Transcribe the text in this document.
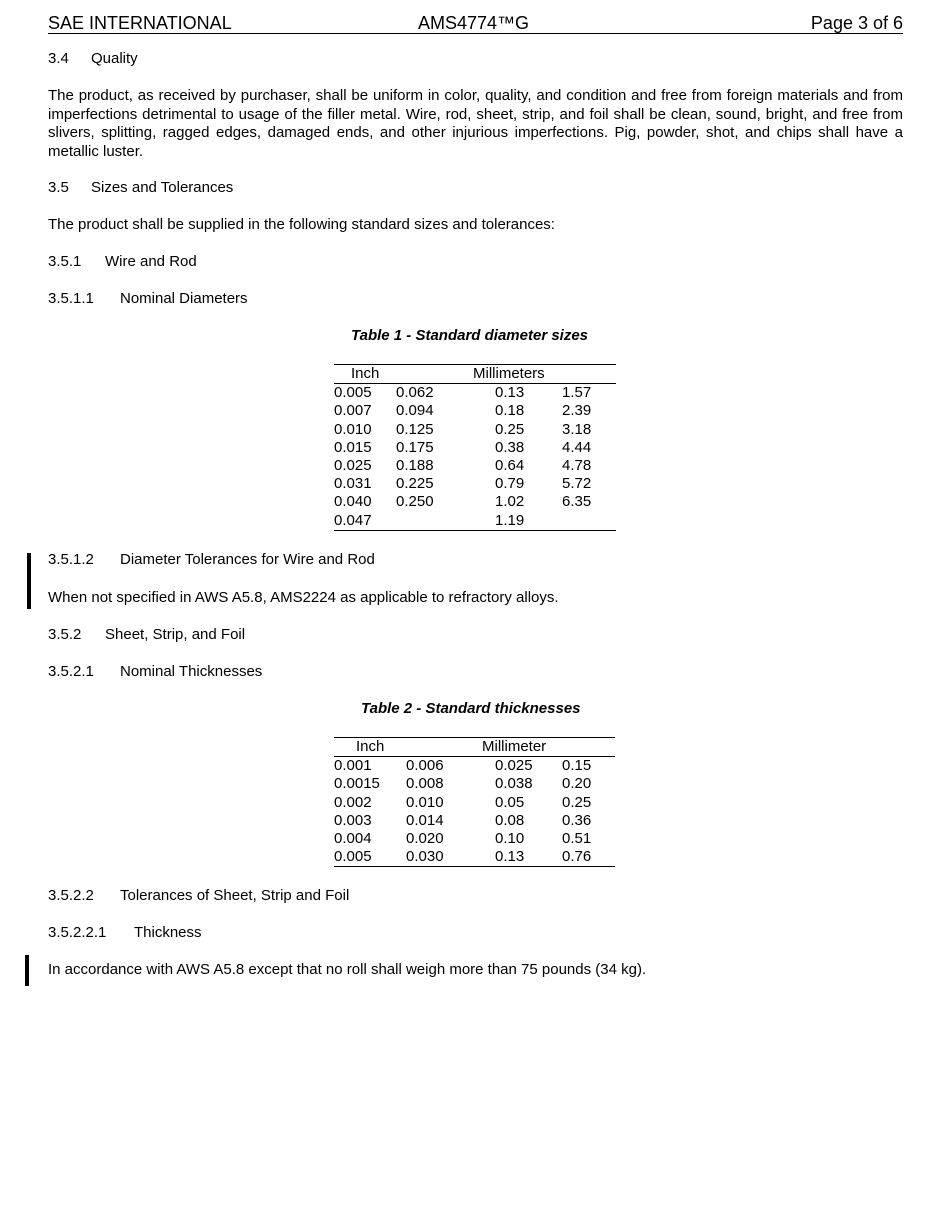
SAE INTERNATIONAL	AMS4774™G	Page 3 of 6
3.4 Quality

The product, as received by purchaser, shall be uniform in color, quality, and condition and free from foreign materials and from imperfections detrimental to usage of the filler metal. Wire, rod, sheet, strip, and foil shall be clean, sound, bright, and free from slivers, splitting, ragged edges, damaged ends, and other injurious imperfections. Pig, powder, shot, and chips shall have a metallic luster.

3.5 Sizes and Tolerances

The product shall be supplied in the following standard sizes and tolerances:

3.5.1 Wire and Rod
3.5.1.1 Nominal Diameters
Table 1 - Standard diameter sizes
Inch		Millimeters	
0.005	0.062	0.13	1.57
0.007	0.094	0.18	2.39
0.010	0.125	0.25	3.18
0.015	0.175	0.38	4.44
0.025	0.188	0.64	4.78
0.031	0.225	0.79	5.72
0.040	0.250	1.02	6.35
0.047		1.19	
3.5.1.2 Diameter Tolerances for Wire and Rod

When not specified in AWS A5.8, AMS2224 as applicable to refractory alloys.

3.5.2 Sheet, Strip, and Foil
3.5.2.1 Nominal Thicknesses
Table 2 - Standard thicknesses
Inch		Millimeter	
0.001	0.006	0.025	0.15
0.0015	0.008	0.038	0.20
0.002	0.010	0.05	0.25
0.003	0.014	0.08	0.36
0.004	0.020	0.10	0.51
0.005	0.030	0.13	0.76
3.5.2.2 Tolerances of Sheet, Strip and Foil
3.5.2.2.1 Thickness

In accordance with AWS A5.8 except that no roll shall weigh more than 75 pounds (34 kg).
